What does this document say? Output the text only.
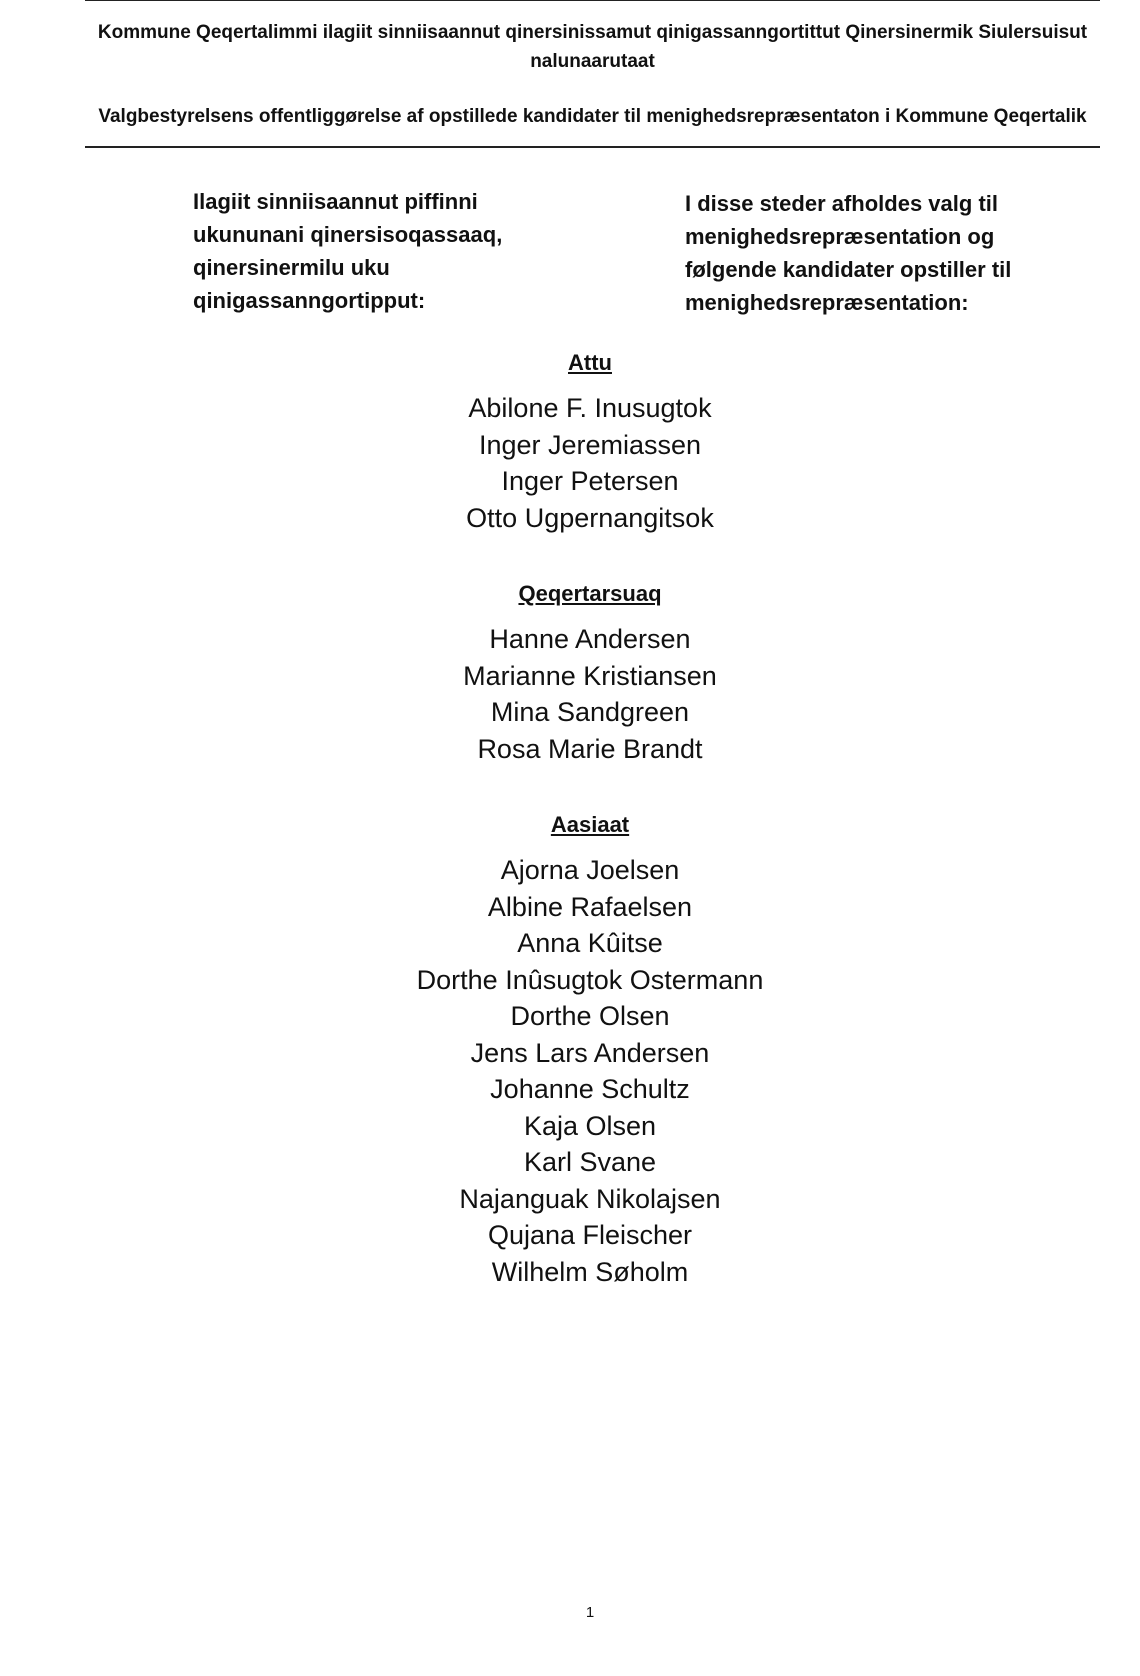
Kommune Qeqertalimmi ilagiit sinniisaannut qinersinissamut qinigassanngortittut Qinersinermik Siulersuisut nalunaarutaat
Valgbestyrelsens offentliggørelse af opstillede kandidater til menighedsrepræsentaton i Kommune Qeqertalik
Ilagiit sinniisaannut piffinni ukununani qinersisoqassaaq, qinersinermilu uku qinigassanngortipput:
I disse steder afholdes valg til menighedsrepræsentation og følgende kandidater opstiller til menighedsrepræsentation:
Attu
Abilone F. Inusugtok
Inger Jeremiassen
Inger Petersen
Otto Ugpernangitsok
Qeqertarsuaq
Hanne Andersen
Marianne Kristiansen
Mina Sandgreen
Rosa Marie Brandt
Aasiaat
Ajorna Joelsen
Albine Rafaelsen
Anna Kûitse
Dorthe Inûsugtok Ostermann
Dorthe Olsen
Jens Lars Andersen
Johanne Schultz
Kaja Olsen
Karl Svane
Najanguak Nikolajsen
Qujana Fleischer
Wilhelm Søholm
1
